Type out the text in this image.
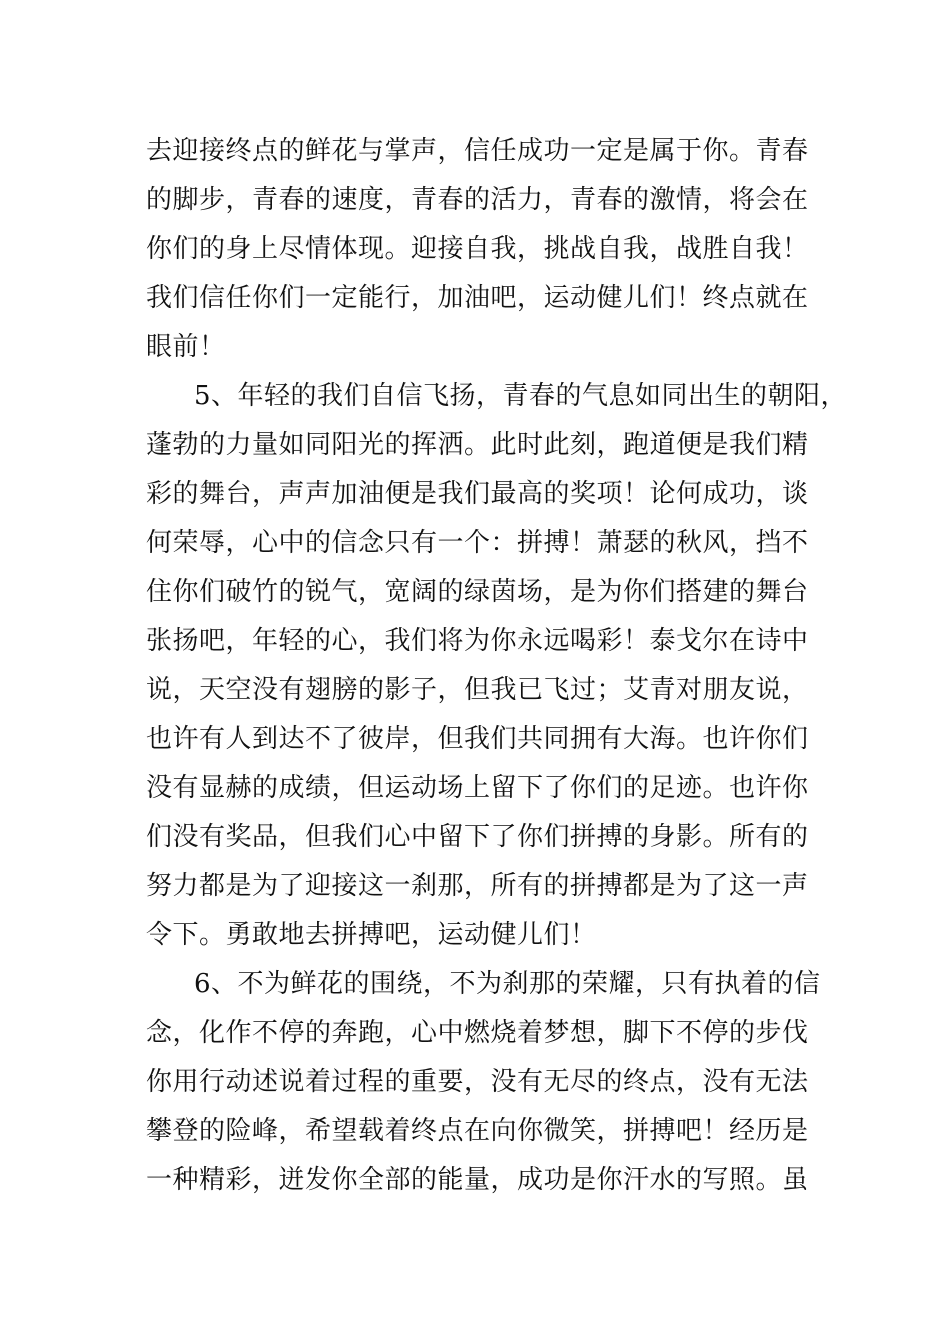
去迎接终点的鲜花与掌声，信任成功一定是属于你。青春
的脚步，青春的速度，青春的活力，青春的激情，将会在
你们的身上尽情体现。迎接自我，挑战自我，战胜自我！
我们信任你们一定能行，加油吧，运动健儿们！终点就在
眼前！
5、年轻的我们自信飞扬，青春的气息如同出生的朝阳，
蓬勃的力量如同阳光的挥洒。此时此刻，跑道便是我们精
彩的舞台，声声加油便是我们最高的奖项！论何成功，谈
何荣辱，心中的信念只有一个：拼搏！萧瑟的秋风，挡不
住你们破竹的锐气，宽阔的绿茵场，是为你们搭建的舞台
张扬吧，年轻的心，我们将为你永远喝彩！泰戈尔在诗中
说，天空没有翅膀的影子，但我已飞过；艾青对朋友说，
也许有人到达不了彼岸，但我们共同拥有大海。也许你们
没有显赫的成绩，但运动场上留下了你们的足迹。也许你
们没有奖品，但我们心中留下了你们拼搏的身影。所有的
努力都是为了迎接这一刹那，所有的拼搏都是为了这一声
令下。勇敢地去拼搏吧，运动健儿们！
6、不为鲜花的围绕，不为刹那的荣耀，只有执着的信
念，化作不停的奔跑，心中燃烧着梦想，脚下不停的步伐
你用行动述说着过程的重要，没有无尽的终点，没有无法
攀登的险峰，希望载着终点在向你微笑，拼搏吧！经历是
一种精彩，迸发你全部的能量，成功是你汗水的写照。虽
